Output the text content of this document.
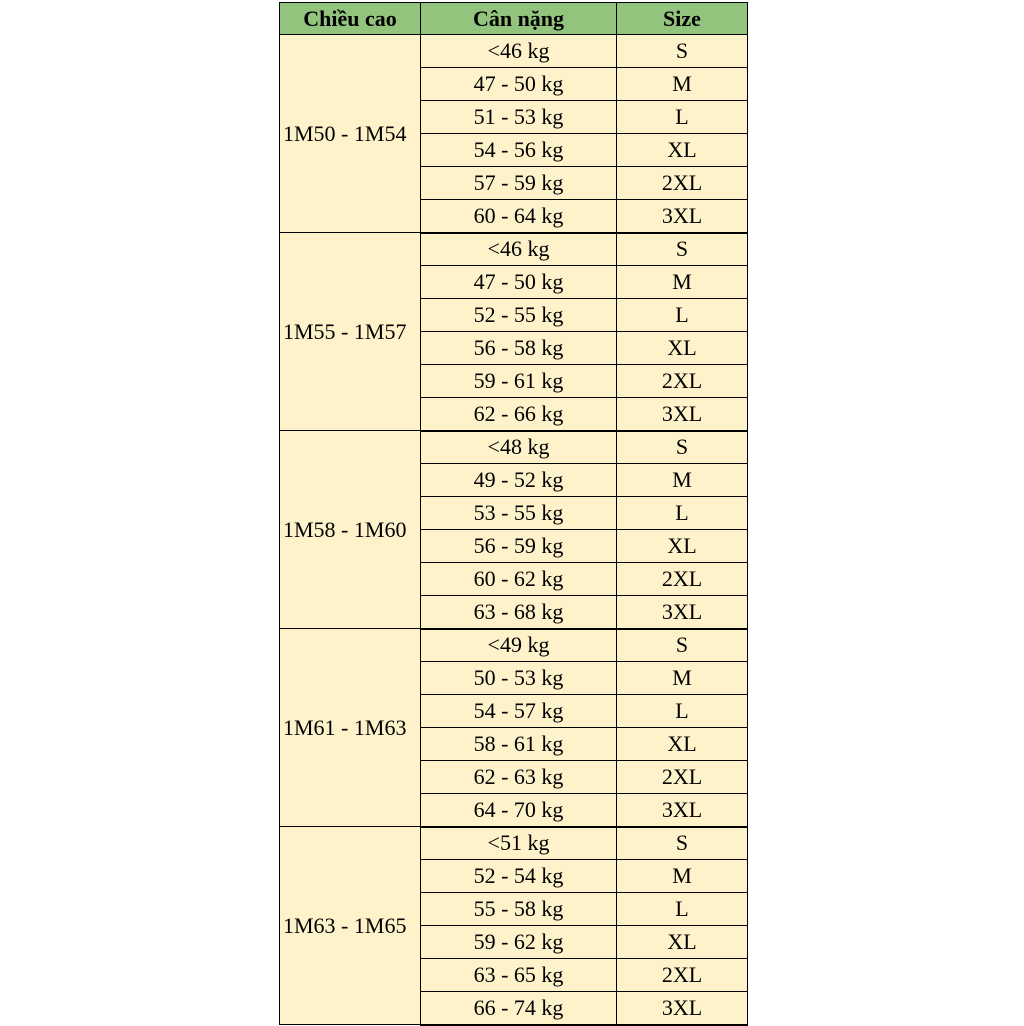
Chiều cao	Cân nặng	Size
1M50 - 1M54	<46 kg	S
	47 - 50 kg	M
	51 - 53 kg	L
	54 - 56 kg	XL
	57 - 59 kg	2XL
	60 - 64 kg	3XL
1M55 - 1M57	<46 kg	S
	47 - 50 kg	M
	52 - 55 kg	L
	56 - 58 kg	XL
	59 - 61 kg	2XL
	62 - 66 kg	3XL
1M58 - 1M60	<48 kg	S
	49 - 52 kg	M
	53 - 55 kg	L
	56 - 59 kg	XL
	60 - 62 kg	2XL
	63 - 68 kg	3XL
1M61 - 1M63	<49 kg	S
	50 - 53 kg	M
	54 - 57 kg	L
	58 - 61 kg	XL
	62 - 63 kg	2XL
	64 - 70 kg	3XL
1M63 - 1M65	<51 kg	S
	52 - 54 kg	M
	55 - 58 kg	L
	59 - 62 kg	XL
	63 - 65 kg	2XL
	66 - 74 kg	3XL
